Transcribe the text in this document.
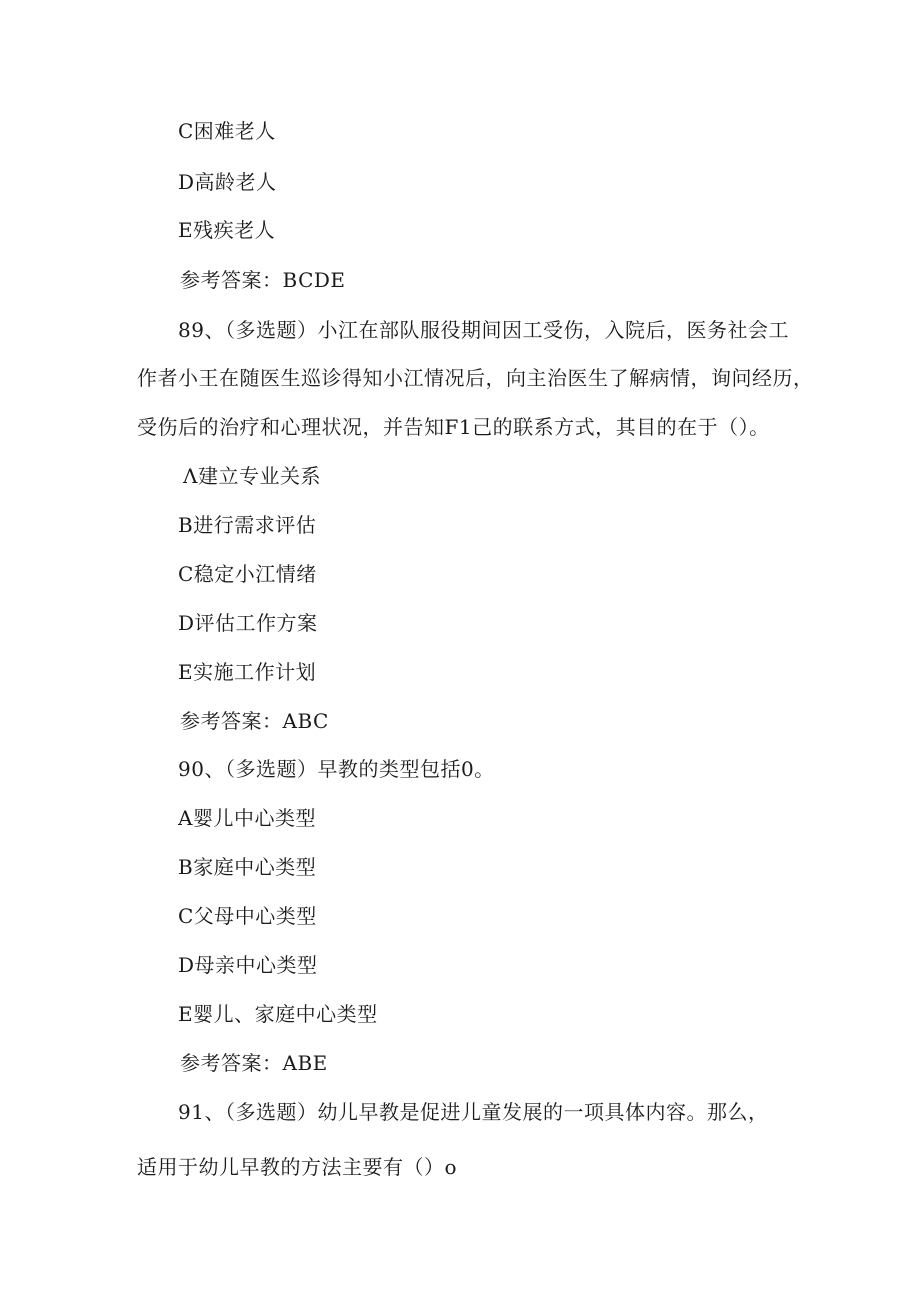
C困难老人
D高龄老人
E残疾老人
参考答案：BCDE
89、（多选题）小江在部队服役期间因工受伤，入院后，医务社会工
作者小王在随医生巡诊得知小江情况后，向主治医生了解病情，询问经历，
受伤后的治疗和心理状况，并告知F1己的联系方式，其目的在于（）。
Λ建立专业关系
B进行需求评估
C稳定小江情绪
D评估工作方案
E实施工作计划
参考答案：ABC
90、（多选题）早教的类型包括0。
A婴儿中心类型
B家庭中心类型
C父母中心类型
D母亲中心类型
E婴儿、家庭中心类型
参考答案：ABE
91、（多选题）幼儿早教是促进儿童发展的一项具体内容。那么，
适用于幼儿早教的方法主要有（）o
